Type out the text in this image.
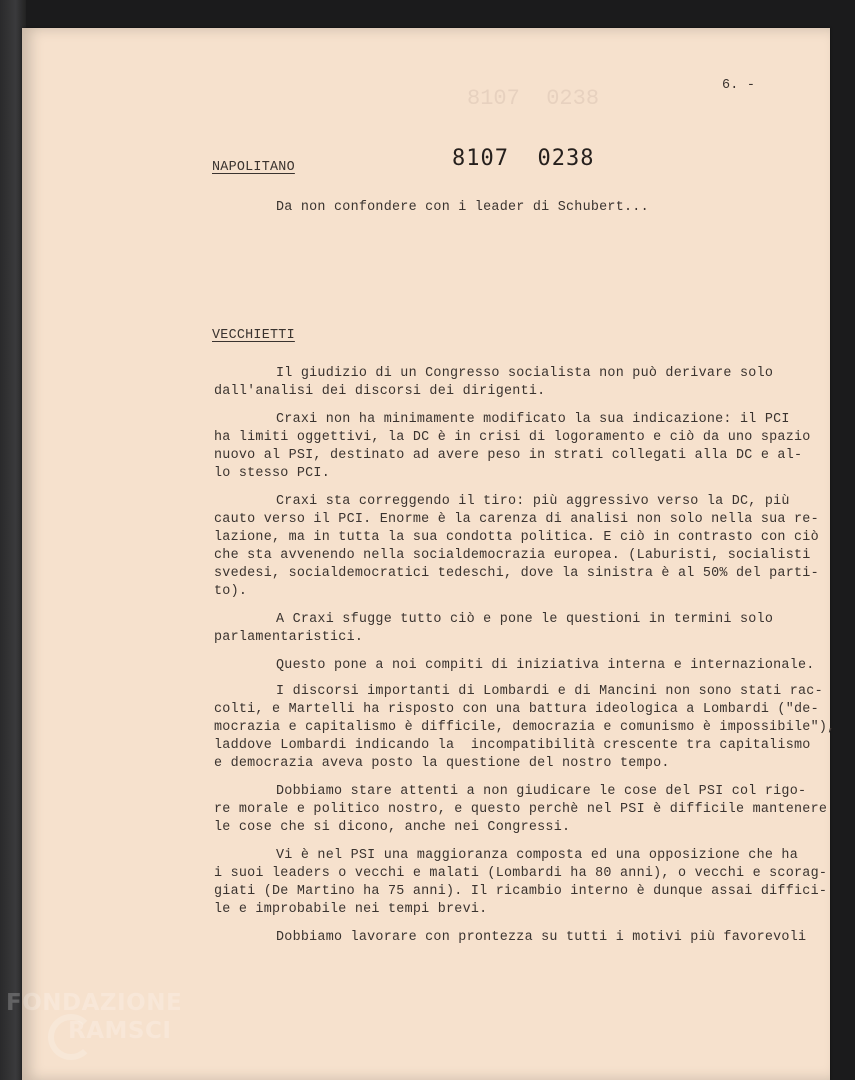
8107  0238
6. -
8107  0238
NAPOLITANO
Da non confondere con i leader di Schubert...
VECCHIETTI
Il giudizio di un Congresso socialista non può derivare solo
dall'analisi dei discorsi dei dirigenti.
Craxi non ha minimamente modificato la sua indicazione: il PCI
ha limiti oggettivi, la DC è in crisi di logoramento e ciò da uno spazio
nuovo al PSI, destinato ad avere peso in strati collegati alla DC e al-
lo stesso PCI.
Craxi sta correggendo il tiro: più aggressivo verso la DC, più
cauto verso il PCI. Enorme è la carenza di analisi non solo nella sua re-
lazione, ma in tutta la sua condotta politica. E ciò in contrasto con ciò
che sta avvenendo nella socialdemocrazia europea. (Laburisti, socialisti
svedesi, socialdemocratici tedeschi, dove la sinistra è al 50% del parti-
to).
A Craxi sfugge tutto ciò e pone le questioni in termini solo
parlamentaristici.
Questo pone a noi compiti di iniziativa interna e internazionale.
I discorsi importanti di Lombardi e di Mancini non sono stati rac-
colti, e Martelli ha risposto con una battura ideologica a Lombardi ("de-
mocrazia e capitalismo è difficile, democrazia e comunismo è impossibile"),
laddove Lombardi indicando la  incompatibilità crescente tra capitalismo
e democrazia aveva posto la questione del nostro tempo.
Dobbiamo stare attenti a non giudicare le cose del PSI col rigo-
re morale e politico nostro, e questo perchè nel PSI è difficile mantenere
le cose che si dicono, anche nei Congressi.
Vi è nel PSI una maggioranza composta ed una opposizione che ha
i suoi leaders o vecchi e malati (Lombardi ha 80 anni), o vecchi e scorag-
giati (De Martino ha 75 anni). Il ricambio interno è dunque assai diffici-
le e improbabile nei tempi brevi.
Dobbiamo lavorare con prontezza su tutti i motivi più favorevoli
FONDAZIONE
RAMSCI
